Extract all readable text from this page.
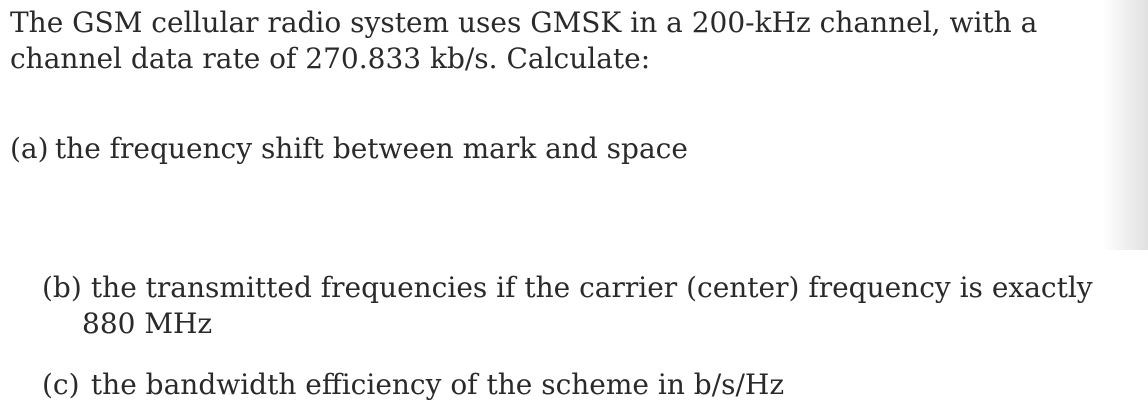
The GSM cellular radio system uses GMSK in a 200-kHz channel, with a
channel data rate of 270.833 kb/s. Calculate:

(a) the frequency shift between mark and space

(b) the transmitted frequencies if the carrier (center) frequency is exactly
880 MHz

(c) the bandwidth efficiency of the scheme in b/s/Hz
